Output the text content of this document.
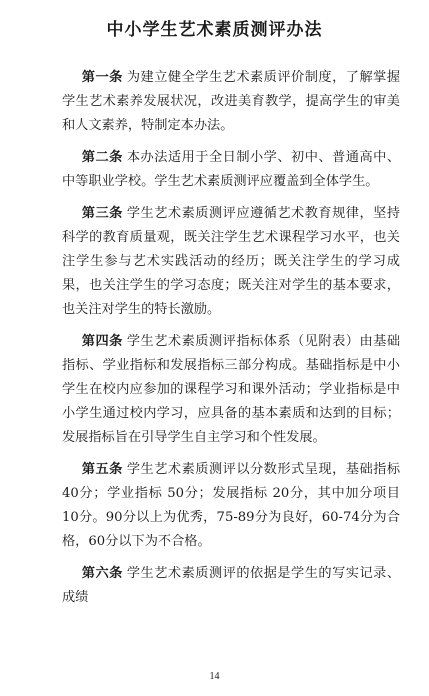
中小学生艺术素质测评办法

第一条 为建立健全学生艺术素质评价制度，了解掌握学生艺术素养发展状况，改进美育教学，提高学生的审美和人文素养，特制定本办法。

第二条 本办法适用于全日制小学、初中、普通高中、中等职业学校。学生艺术素质测评应覆盖到全体学生。

第三条 学生艺术素质测评应遵循艺术教育规律，坚持科学的教育质量观，既关注学生艺术课程学习水平，也关注学生参与艺术实践活动的经历；既关注学生的学习成果，也关注学生的学习态度；既关注对学生的基本要求，也关注对学生的特长激励。

第四条 学生艺术素质测评指标体系（见附表）由基础指标、学业指标和发展指标三部分构成。基础指标是中小学生在校内应参加的课程学习和课外活动；学业指标是中小学生通过校内学习，应具备的基本素质和达到的目标；发展指标旨在引导学生自主学习和个性发展。

第五条 学生艺术素质测评以分数形式呈现，基础指标 40分；学业指标 50分；发展指标 20分，其中加分项目 10分。90分以上为优秀，75-89分为良好，60-74分为合格，60分以下为不合格。

第六条 学生艺术素质测评的依据是学生的写实记录、成绩

14
